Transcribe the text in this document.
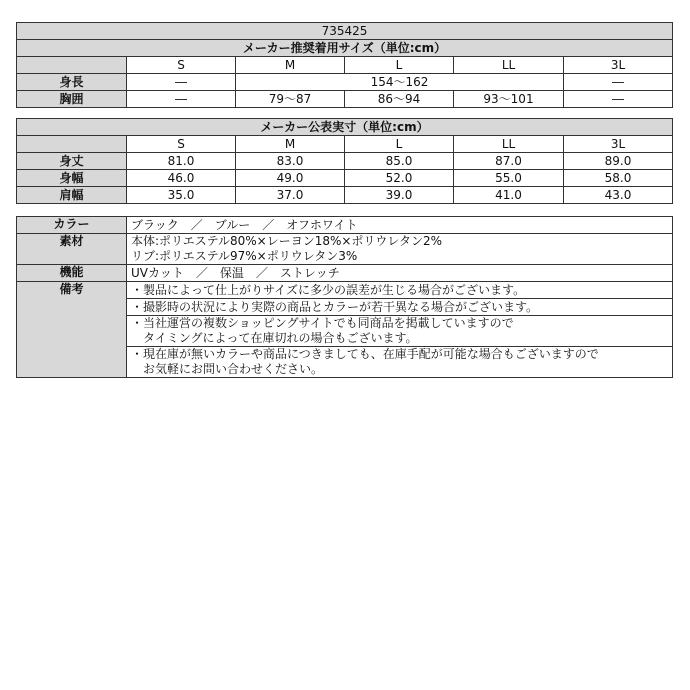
735425					
メーカー推奨着用サイズ（単位:cm）					
	S	M	L	LL	3L
身長	―	154～162			―
胸囲	―	79～87	86～94	93～101	―
メーカー公表実寸（単位:cm）					
	S	M	L	LL	3L
身丈	81.0	83.0	85.0	87.0	89.0
身幅	46.0	49.0	52.0	55.0	58.0
肩幅	35.0	37.0	39.0	41.0	43.0
カラー	ブラック　／　ブルー　／　オフホワイト
素材	本体:ポリエステル80%×レーヨン18%×ポリウレタン2%
リブ:ポリエステル97%×ポリウレタン3%

機能	UVカット　／　保温　／　ストレッチ
備考	・製品によって仕上がりサイズに多少の誤差が生じる場合がございます。

	・撮影時の状況により実際の商品とカラーが若干異なる場合がございます。

	・当社運営の複数ショッピングサイトでも同商品を掲載していますので
　タイミングによって在庫切れの場合もございます。

	・現在庫が無いカラーや商品につきましても、在庫手配が可能な場合もございますので
　お気軽にお問い合わせください。
